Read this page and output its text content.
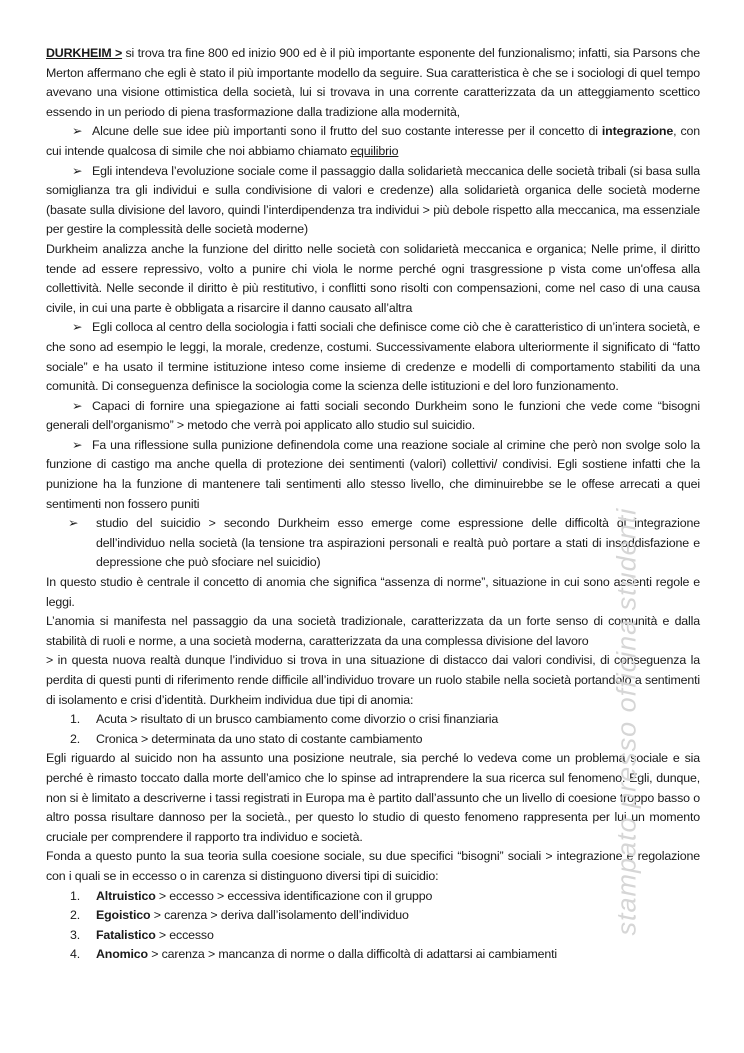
DURKHEIM > si trova tra fine 800 ed inizio 900 ed è il più importante esponente del funzionalismo; infatti, sia Parsons che Merton affermano che egli è stato il più importante modello da seguire. Sua caratteristica è che se i sociologi di quel tempo avevano una visione ottimistica della società, lui si trovava in una corrente caratterizzata da un atteggiamento scettico essendo in un periodo di piena trasformazione dalla tradizione alla modernità,

➢ Alcune delle sue idee più importanti sono il frutto del suo costante interesse per il concetto di integrazione, con cui intende qualcosa di simile che noi abbiamo chiamato equilibrio

➢ Egli intendeva l’evoluzione sociale come il passaggio dalla solidarietà meccanica delle società tribali (si basa sulla somiglianza tra gli individui e sulla condivisione di valori e credenze) alla solidarietà organica delle società moderne (basate sulla divisione del lavoro, quindi l’interdipendenza tra individui > più debole rispetto alla meccanica, ma essenziale per gestire la complessità delle società moderne)

Durkheim analizza anche la funzione del diritto nelle società con solidarietà meccanica e organica; Nelle prime, il diritto tende ad essere repressivo, volto a punire chi viola le norme perché ogni trasgressione p vista come un'offesa alla collettività. Nelle seconde il diritto è più restitutivo, i conflitti sono risolti con compensazioni, come nel caso di una causa civile, in cui una parte è obbligata a risarcire il danno causato all’altra

➢ Egli colloca al centro della sociologia i fatti sociali che definisce come ciò che è caratteristico di un’intera società, e che sono ad esempio le leggi, la morale, credenze, costumi. Successivamente elabora ulteriormente il significato di “fatto sociale” e ha usato il termine istituzione inteso come insieme di credenze e modelli di comportamento stabiliti da una comunità. Di conseguenza definisce la sociologia come la scienza delle istituzioni e del loro funzionamento.

➢ Capaci di fornire una spiegazione ai fatti sociali secondo Durkheim sono le funzioni che vede come “bisogni generali dell'organismo” > metodo che verrà poi applicato allo studio sul suicidio.

➢ Fa una riflessione sulla punizione definendola come una reazione sociale al crimine che però non svolge solo la funzione di castigo ma anche quella di protezione dei sentimenti (valori) collettivi/ condivisi. Egli sostiene infatti che la punizione ha la funzione di mantenere tali sentimenti allo stesso livello, che diminuirebbe se le offese arrecati a quei sentimenti non fossero puniti

➢ studio del suicidio > secondo Durkheim esso emerge come espressione delle difficoltà di integrazione dell’individuo nella società (la tensione tra aspirazioni personali e realtà può portare a stati di insoddisfazione e depressione che può sfociare nel suicidio)

In questo studio è centrale il concetto di anomia che significa “assenza di norme”, situazione in cui sono assenti regole e leggi.

L’anomia si manifesta nel passaggio da una società tradizionale, caratterizzata da un forte senso di comunità e dalla stabilità di ruoli e norme, a una società moderna, caratterizzata da una complessa divisione del lavoro

> in questa nuova realtà dunque l’individuo si trova in una situazione di distacco dai valori condivisi, di conseguenza la perdita di questi punti di riferimento rende difficile all’individuo trovare un ruolo stabile nella società portandolo a sentimenti di isolamento e crisi d’identità. Durkheim individua due tipi di anomia:

1. Acuta > risultato di un brusco cambiamento come divorzio o crisi finanziaria

2. Cronica > determinata da uno stato di costante cambiamento

Egli riguardo al suicido non ha assunto una posizione neutrale, sia perché lo vedeva come un problema sociale e sia perché è rimasto toccato dalla morte dell’amico che lo spinse ad intraprendere la sua ricerca sul fenomeno. Egli, dunque, non si è limitato a descriverne i tassi registrati in Europa ma è partito dall’assunto che un livello di coesione troppo basso o altro possa risultare dannoso per la società., per questo lo studio di questo fenomeno rappresenta per lui un momento cruciale per comprendere il rapporto tra individuo e società.

Fonda a questo punto la sua teoria sulla coesione sociale, su due specifici “bisogni” sociali > integrazione e regolazione con i quali se in eccesso o in carenza si distinguono diversi tipi di suicidio:

1. Altruistico > eccesso > eccessiva identificazione con il gruppo

2. Egoistico > carenza > deriva dall’isolamento dell’individuo

3. Fatalistico > eccesso

4. Anomico > carenza > mancanza di norme o dalla difficoltà di adattarsi ai cambiamenti

stampato presso officina studenti
